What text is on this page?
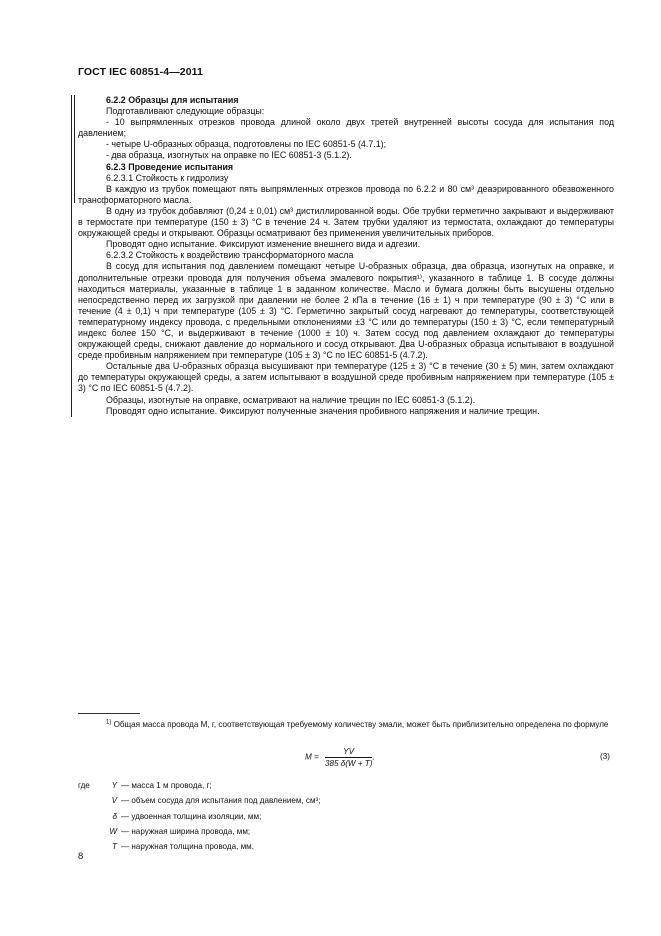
ГОСТ IEC 60851-4—2011

6.2.2 Образцы для испытания

Подготавливают следующие образцы:

- 10 выпрямленных отрезков провода длиной около двух третей внутренней высоты сосуда для испытания под давлением;

- четыре U-образных образца, подготовлены по IEC 60851-5 (4.7.1);

- два образца, изогнутых на оправке по IEC 60851-3 (5.1.2).

6.2.3 Проведение испытания

6.2.3.1 Стойкость к гидролизу

В каждую из трубок помещают пять выпрямленных отрезков провода по 6.2.2 и 80 см³ деаэрированного обезвоженного трансформаторного масла.

В одну из трубок добавляют (0,24 ± 0,01) см³ дистиллированной воды. Обе трубки герметично закрывают и выдерживают в термостате при температуре (150 ± 3) °С в течение 24 ч. Затем трубки удаляют из термостата, охлаждают до температуры окружающей среды и открывают. Образцы осматривают без применения увеличительных приборов.

Проводят одно испытание. Фиксируют изменение внешнего вида и адгезии.

6.2.3.2 Стойкость к воздействию трансформаторного масла

В сосуд для испытания под давлением помещают четыре U-образных образца, два образца, изогнутых на оправке, и дополнительные отрезки провода для получения объема эмалевого покрытия¹⁾, указанного в таблице 1. В сосуде должны находиться материалы, указанные в таблице 1 в заданном количестве. Масло и бумага должны быть высушены отдельно непосредственно перед их загрузкой при давлении не более 2 кПа в течение (16 ± 1) ч при температуре (90 ± 3) °С или в течение (4 ± 0,1) ч при температуре (105 ± 3) °С. Герметично закрытый сосуд нагревают до температуры, соответствующей температурному индексу провода, с предельными отклонениями ±3 °С или до температуры (150 ± 3) °С, если температурный индекс более 150 °С, и выдерживают в течение (1000 ± 10) ч. Затем сосуд под давлением охлаждают до температуры окружающей среды, снижают давление до нормального и сосуд открывают. Два U-образных образца испытывают в воздушной среде пробивным напряжением при температуре (105 ± 3) °С по IEC 60851-5 (4.7.2).

Остальные два U-образных образца высушивают при температуре (125 ± 3) °С в течение (30 ± 5) мин, затем охлаждают до температуры окружающей среды, а затем испытывают в воздушной среде пробивным напряжением при температуре (105 ± 3) °С по IEC 60851-5 (4.7.2).

Образцы, изогнутые на оправке, осматривают на наличие трещин по IEC 60851-3 (5.1.2).

Проводят одно испытание. Фиксируют полученные значения пробивного напряжения и наличие трещин.

$^{1)}$ Общая масса провода М, г, соответствующая требуемому количеству эмали, может быть приблизительно определена по формуле

$M = \frac{YV}{385 \delta(W + T)}$ ,	(3)
где	Y — масса 1 м провода, г;
V — объем сосуда для испытания под давлением, см³;
δ — удвоенная толщина изоляции, мм;
W — наружная ширина провода, мм;
T — наружная толщина провода, мм.
8
